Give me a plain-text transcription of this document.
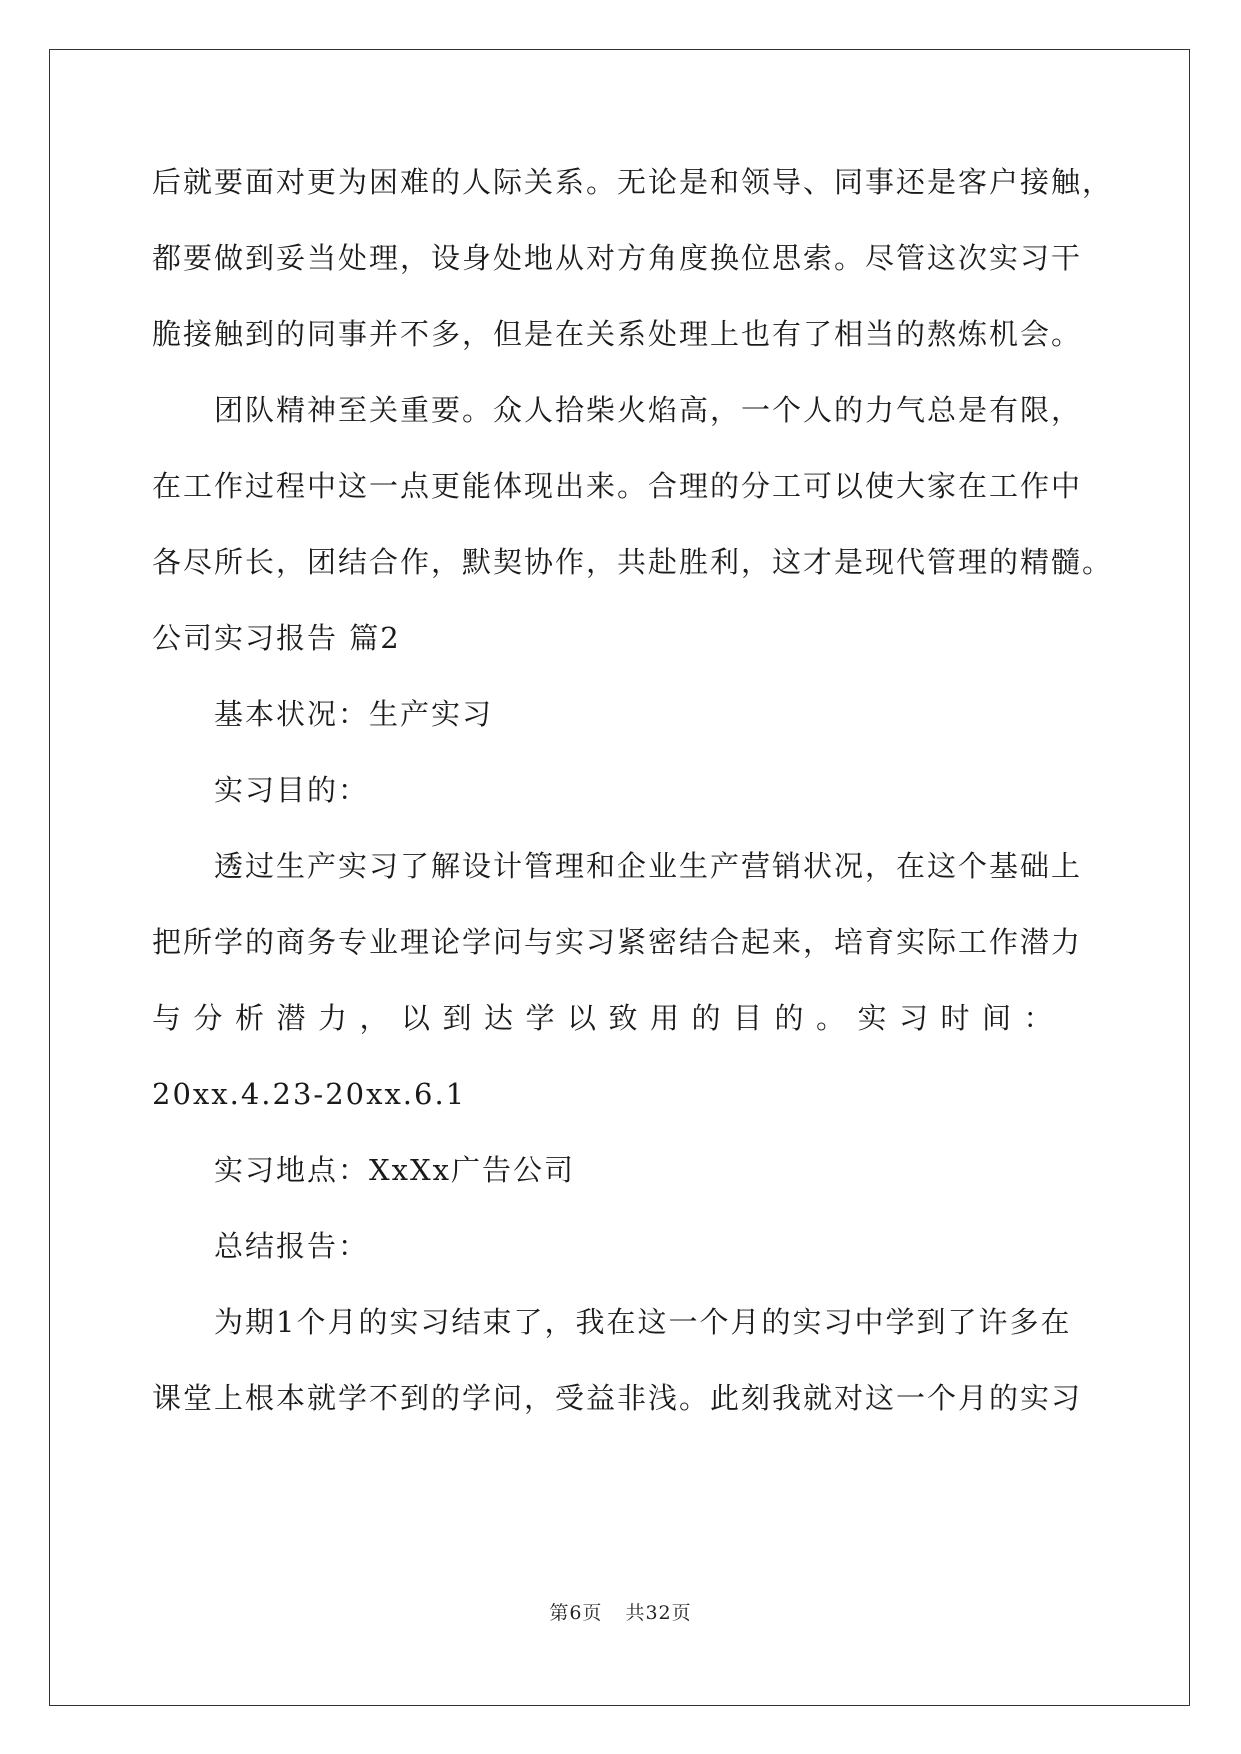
后就要面对更为困难的人际关系。无论是和领导、同事还是客户接触，
都要做到妥当处理，设身处地从对方角度换位思索。尽管这次实习干
脆接触到的同事并不多，但是在关系处理上也有了相当的熬炼机会。
团队精神至关重要。众人拾柴火焰高，一个人的力气总是有限，
在工作过程中这一点更能体现出来。合理的分工可以使大家在工作中
各尽所长，团结合作，默契协作，共赴胜利，这才是现代管理的精髓。
公司实习报告 篇2
基本状况：生产实习
实习目的：
透过生产实习了解设计管理和企业生产营销状况，在这个基础上
把所学的商务专业理论学问与实习紧密结合起来，培育实际工作潜力
与分析潜力，以到达学以致用的目的。实习时间：
20xx.4.23-20xx.6.1
实习地点：XxXx广告公司
总结报告：
为期1个月的实习结束了，我在这一个月的实习中学到了许多在
课堂上根本就学不到的学问，受益非浅。此刻我就对这一个月的实习
第6页 共32页
